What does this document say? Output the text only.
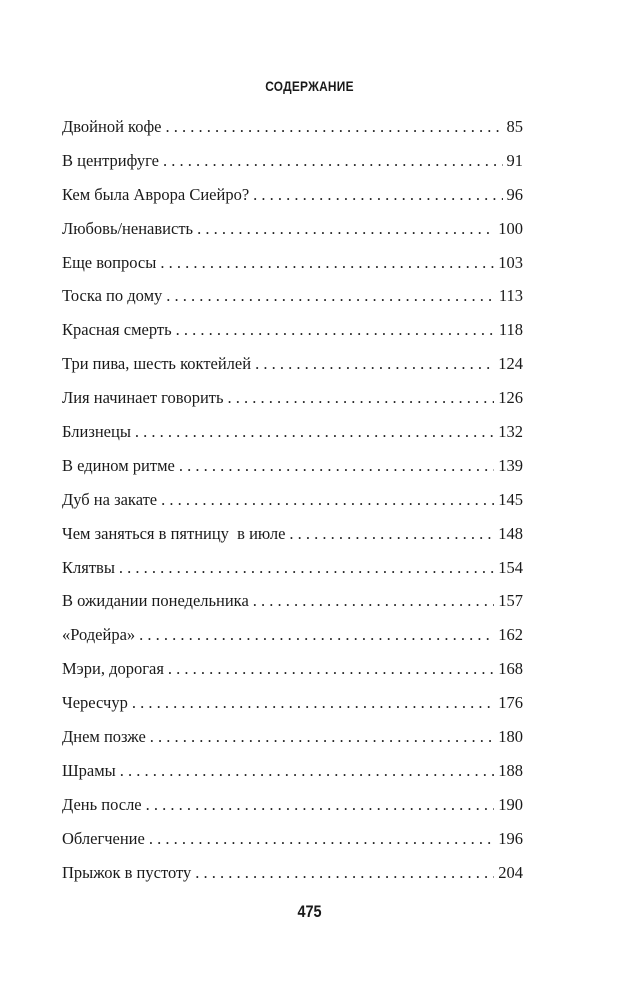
СОДЕРЖАНИЕ
Двойной кофе . . .	85
В центрифуге . . .	91
Кем была Аврора Сиейро? . . .	96
Любовь/ненависть . . .	100
Еще вопросы . . .	103
Тоска по дому . . .	113
Красная смерть . . .	118
Три пива, шесть коктейлей . . .	124
Лия начинает говорить . . .	126
Близнецы . . .	132
В едином ритме . . .	139
Дуб на закате . . .	145
Чем заняться в пятницу  в июле . . .	148
Клятвы . . .	154
В ожидании понедельника . . .	157
«Родейра» . . .	162
Мэри, дорогая . . .	168
Чересчур . . .	176
Днем позже . . .	180
Шрамы . . .	188
День после . . .	190
Облегчение . . .	196
Прыжок в пустоту . . .	204
475
